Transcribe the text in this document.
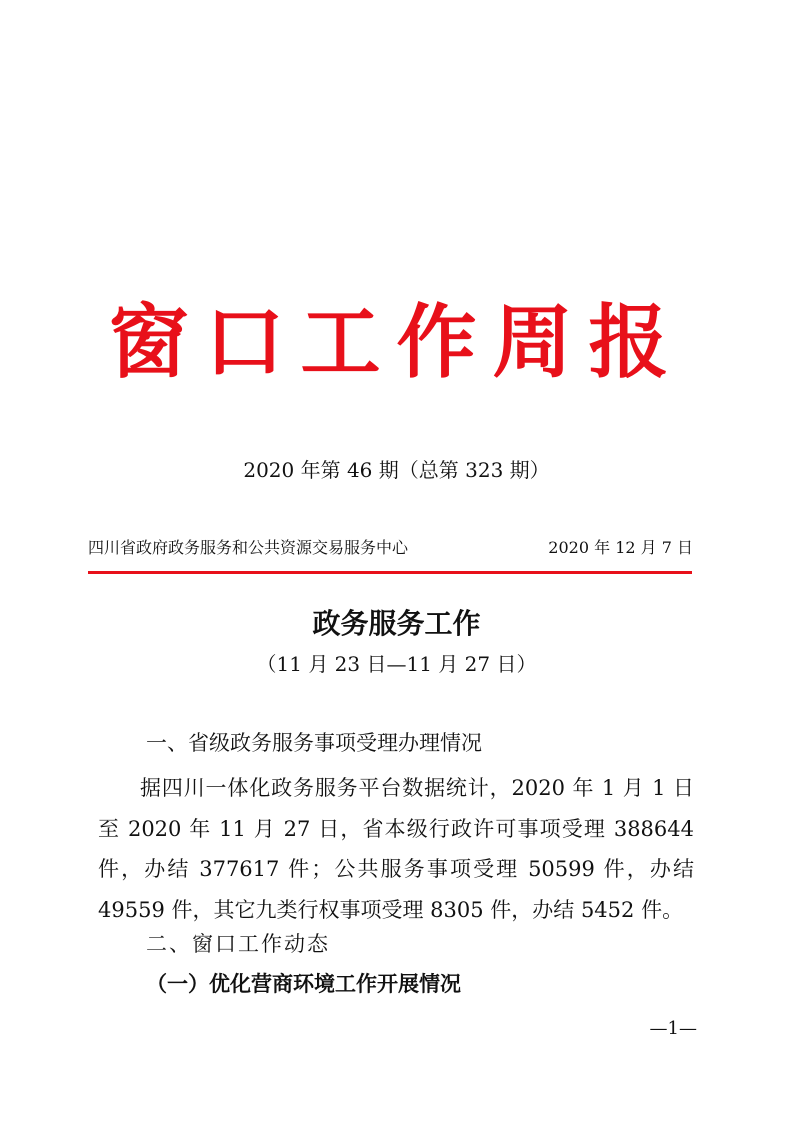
窗口工作周报
2020 年第 46 期（总第 323 期）
四川省政府政务服务和公共资源交易服务中心	2020 年 12 月 7 日
政务服务工作
（11 月 23 日—11 月 27 日）
一、省级政务服务事项受理办理情况

据四川一体化政务服务平台数据统计，2020 年 1 月 1 日至 2020 年 11 月 27 日，省本级行政许可事项受理 388644 件，办结 377617 件；公共服务事项受理 50599 件，办结 49559 件，其它九类行权事项受理 8305 件，办结 5452 件。

二、窗口工作动态
（一）优化营商环境工作开展情况
—1—
